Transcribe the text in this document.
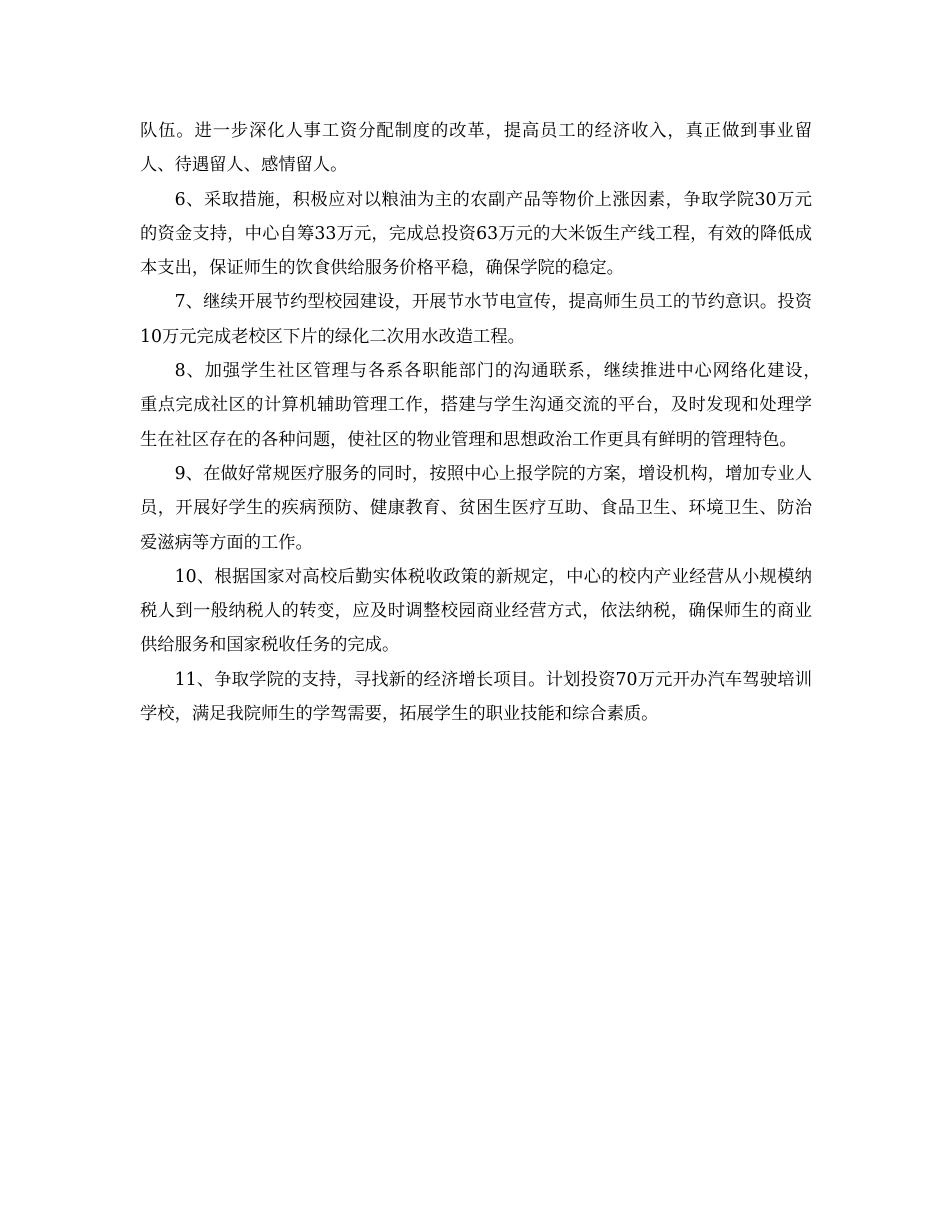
队伍。进一步深化人事工资分配制度的改革，提高员工的经济收入，真正做到事业留人、待遇留人、感情留人。

6、采取措施，积极应对以粮油为主的农副产品等物价上涨因素，争取学院30万元的资金支持，中心自筹33万元，完成总投资63万元的大米饭生产线工程，有效的降低成本支出，保证师生的饮食供给服务价格平稳，确保学院的稳定。

7、继续开展节约型校园建设，开展节水节电宣传，提高师生员工的节约意识。投资10万元完成老校区下片的绿化二次用水改造工程。

8、加强学生社区管理与各系各职能部门的沟通联系，继续推进中心网络化建设，　重点完成社区的计算机辅助管理工作，搭建与学生沟通交流的平台，及时发现和处理学生在社区存在的各种问题，使社区的物业管理和思想政治工作更具有鲜明的管理特色。

9、在做好常规医疗服务的同时，按照中心上报学院的方案，增设机构，增加专业人员，开展好学生的疾病预防、健康教育、贫困生医疗互助、食品卫生、环境卫生、防治爱滋病等方面的工作。

10、根据国家对高校后勤实体税收政策的新规定，中心的校内产业经营从小规模纳税人到一般纳税人的转变，应及时调整校园商业经营方式，依法纳税，确保师生的商业供给服务和国家税收任务的完成。

11、争取学院的支持，寻找新的经济增长项目。计划投资70万元开办汽车驾驶培训学校，满足我院师生的学驾需要，拓展学生的职业技能和综合素质。
